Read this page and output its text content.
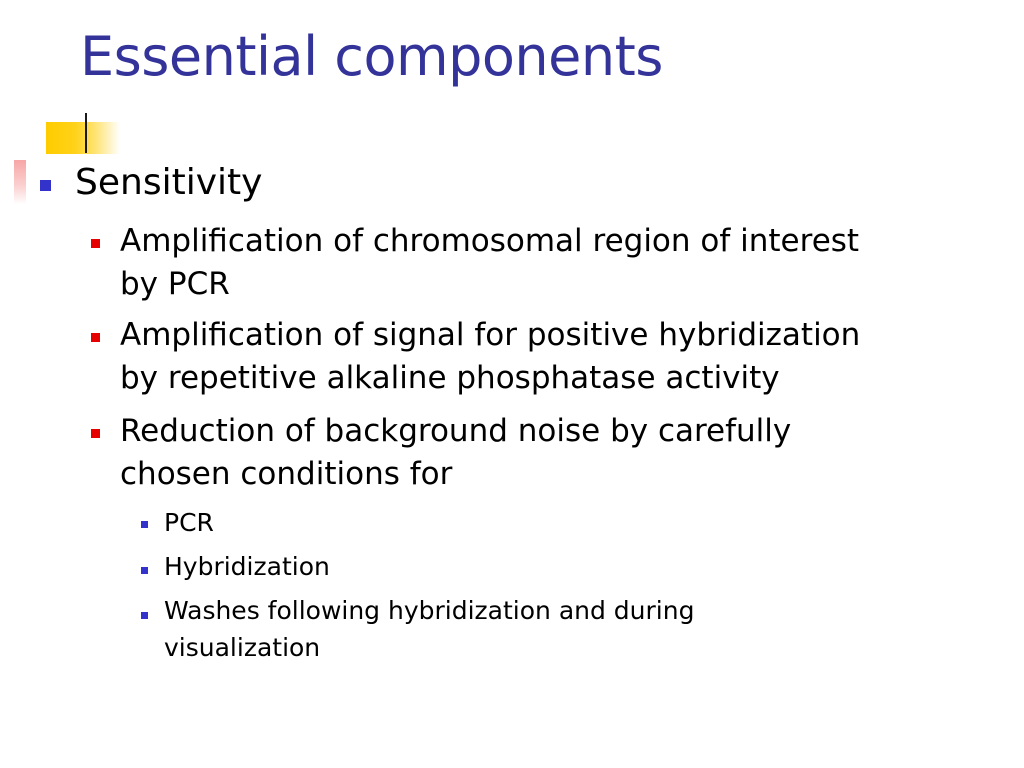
Essential components
Sensitivity
Amplification of chromosomal region of interest
by PCR
Amplification of signal for positive hybridization
by repetitive alkaline phosphatase activity
Reduction of background noise by carefully
chosen conditions for
PCR
Hybridization
Washes following hybridization and during
visualization
